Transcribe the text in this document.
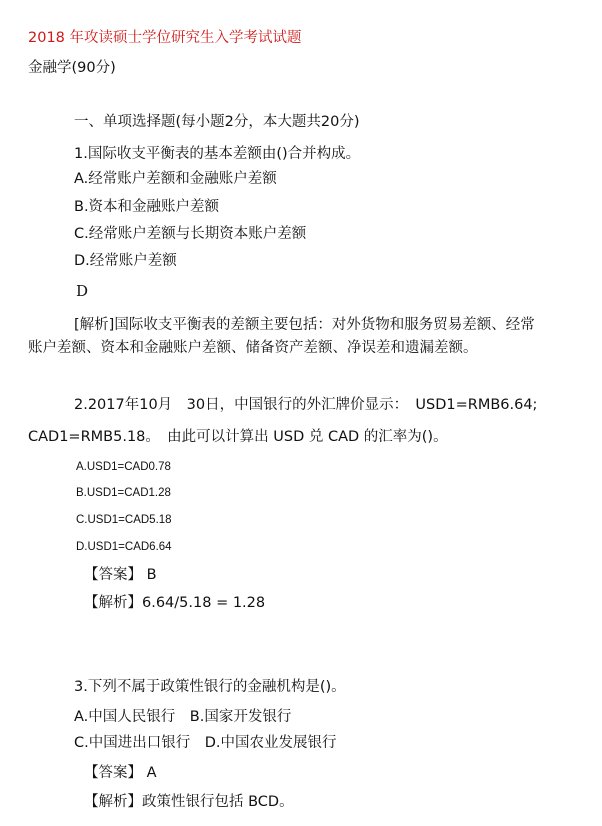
2018 年攻读硕士学位研究生入学考试试题
金融学(90分)
一、单项选择题(每小题2分，本大题共20分)
1.国际收支平衡表的基本差额由()合并构成。
A.经常账户差额和金融账户差额
B.资本和金融账户差额
C.经常账户差额与长期资本账户差额
D.经常账户差额
D
[解析]国际收支平衡表的差额主要包括：对外货物和服务贸易差额、经常
账户差额、资本和金融账户差额、储备资产差额、净误差和遗漏差额。
2.2017年10月　30日，中国银行的外汇牌价显示：　USD1=RMB6.64;
CAD1=RMB5.18。　由此可以计算出 USD 兑 CAD 的汇率为()。
A.USD1=CAD0.78
B.USD1=CAD1.28
C.USD1=CAD5.18
D.USD1=CAD6.64
【答案】 B
【解析】6.64/5.18 = 1.28
3.下列不属于政策性银行的金融机构是()。
A.中国人民银行　B.国家开发银行
C.中国进出口银行　D.中国农业发展银行
【答案】 A
【解析】政策性银行包括 BCD。
